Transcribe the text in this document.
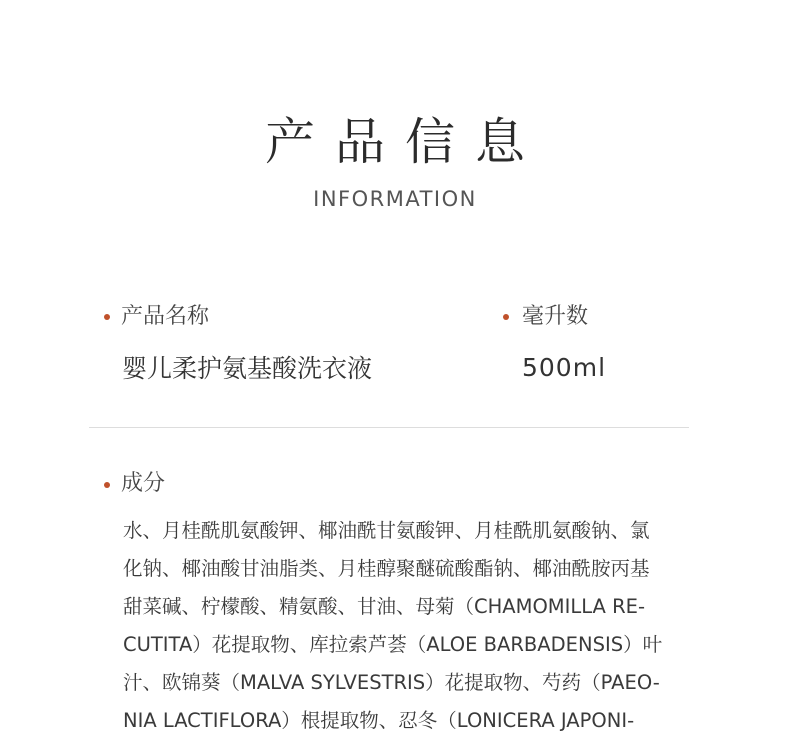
产品信息
INFORMATION
产品名称
婴儿柔护氨基酸洗衣液
毫升数
500ml
成分
水、月桂酰肌氨酸钾、椰油酰甘氨酸钾、月桂酰肌氨酸钠、氯
化钠、椰油酸甘油脂类、月桂醇聚醚硫酸酯钠、椰油酰胺丙基
甜菜碱、柠檬酸、精氨酸、甘油、母菊（CHAMOMILLA RE-
CUTITA）花提取物、库拉索芦荟（ALOE BARBADENSIS）叶
汁、欧锦葵（MALVA SYLVESTRIS）花提取物、芍药（PAEO-
NIA LACTIFLORA）根提取物、忍冬（LONICERA JAPONI-
